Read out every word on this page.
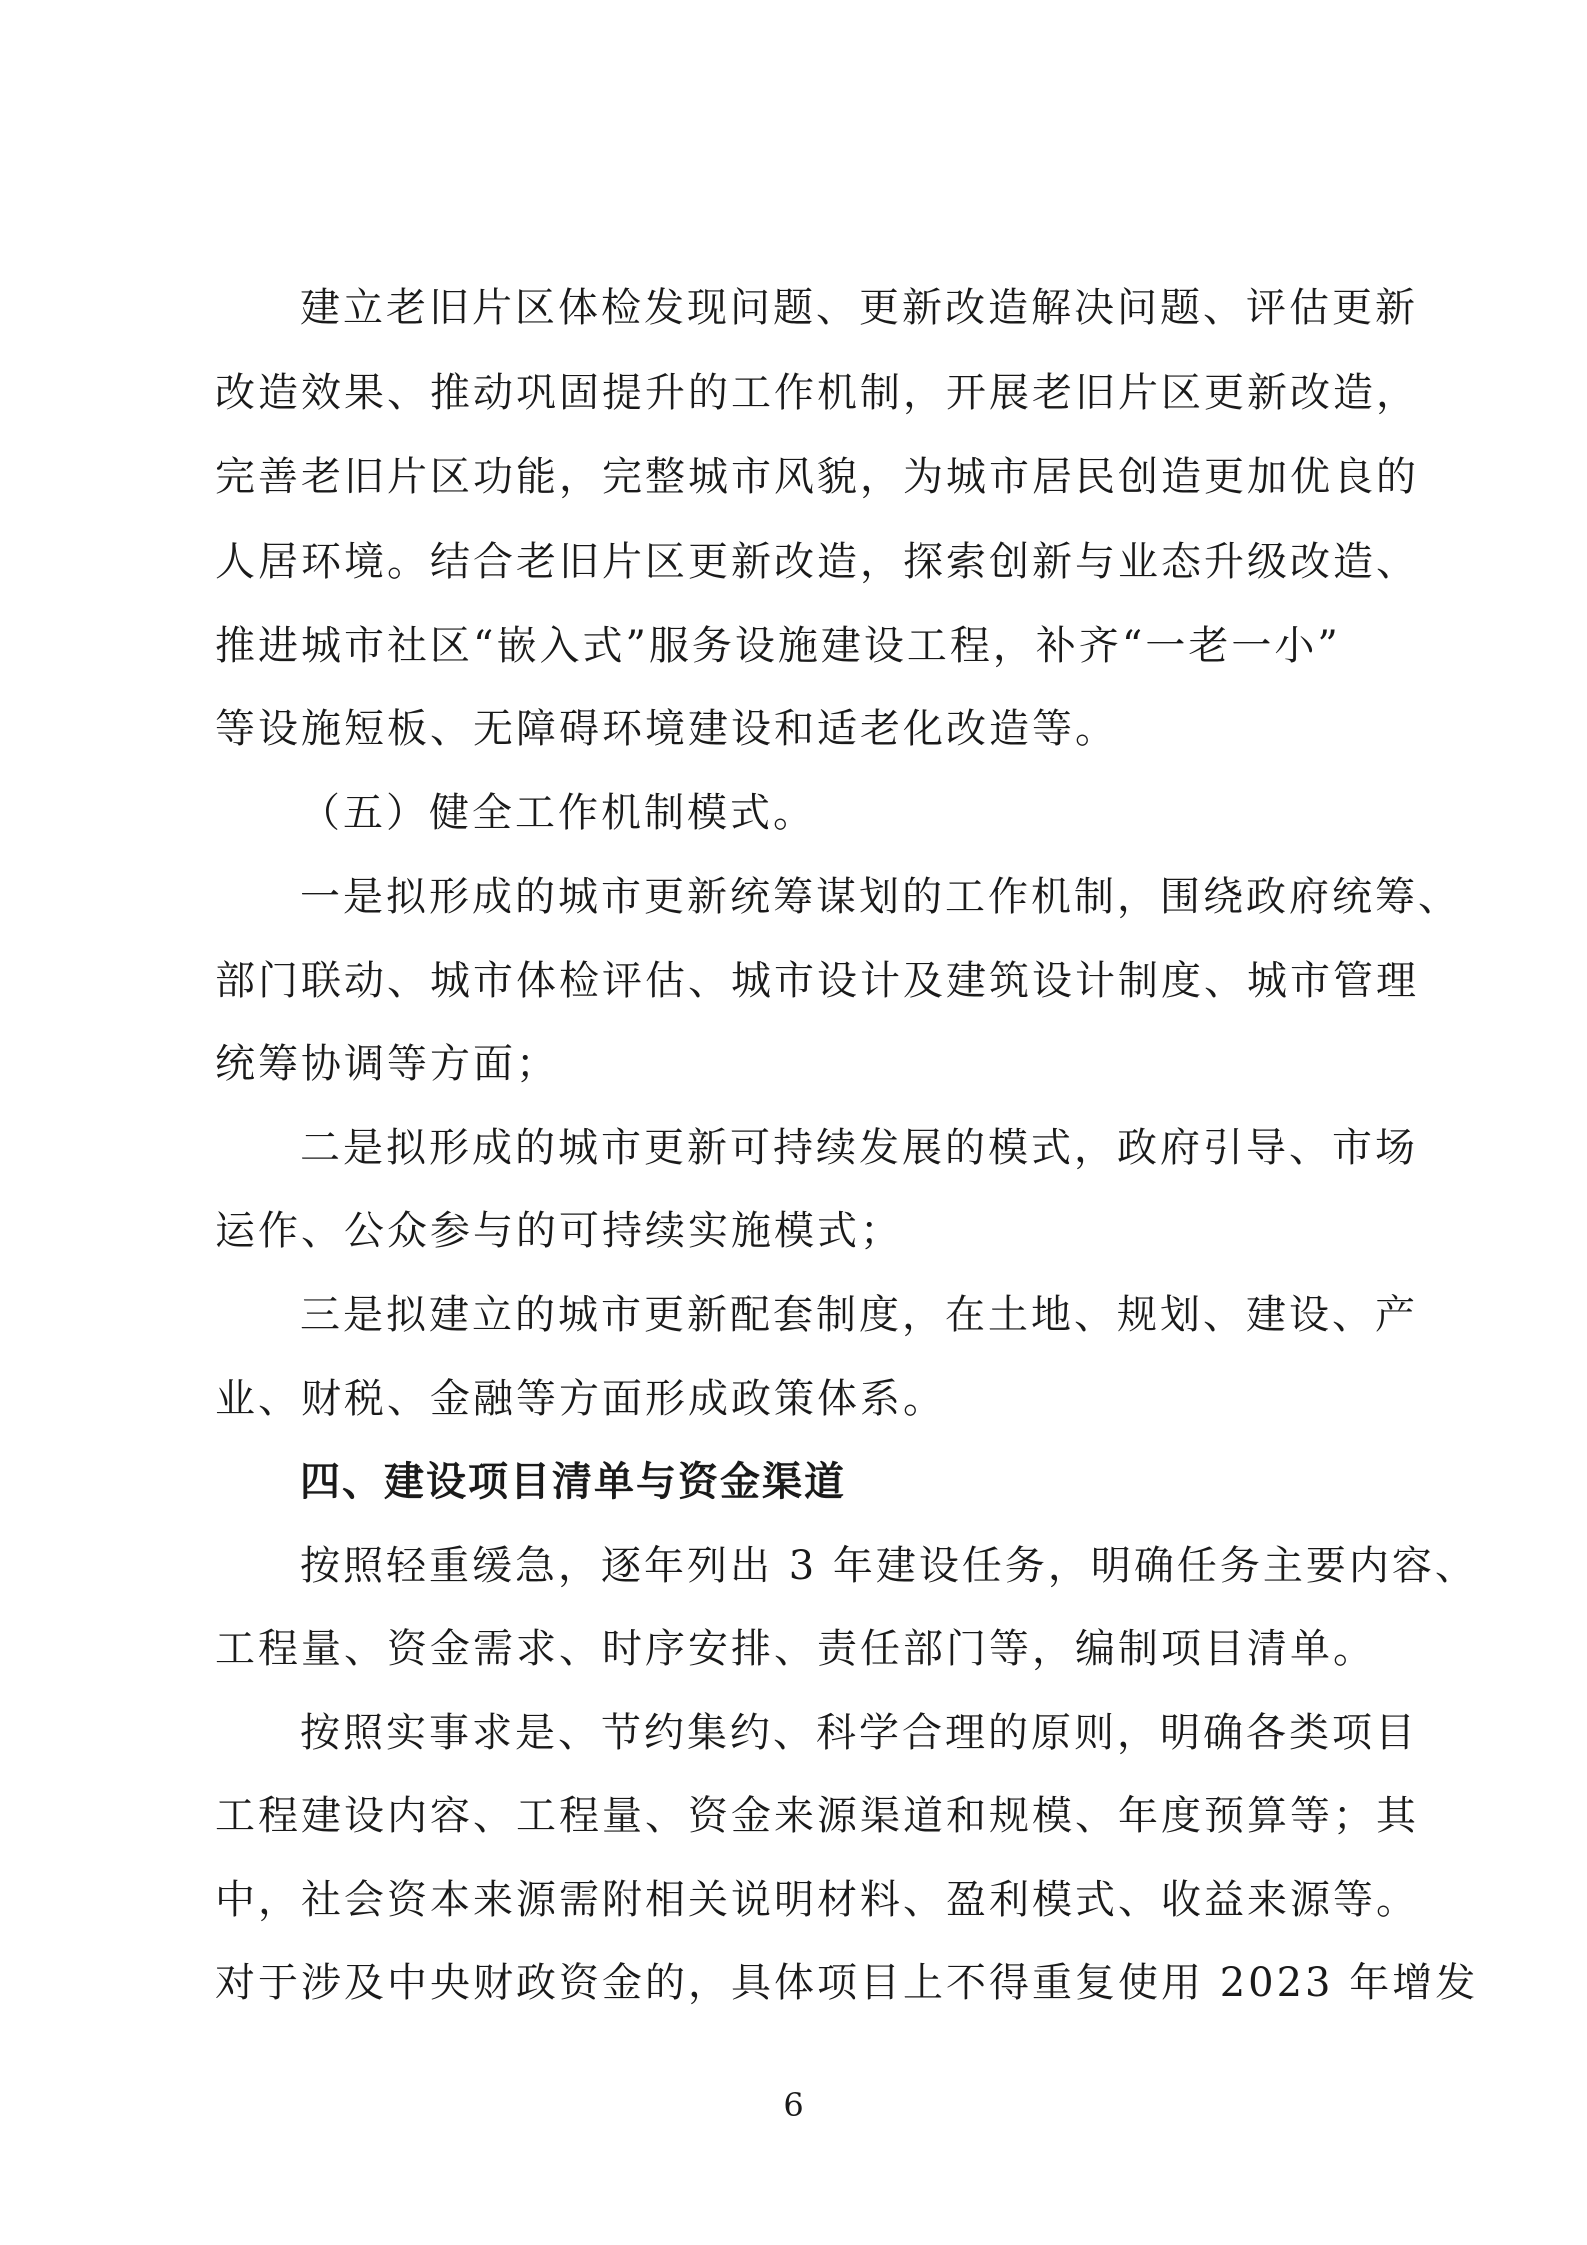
建立老旧片区体检发现问题、更新改造解决问题、评估更新
改造效果、推动巩固提升的工作机制，开展老旧片区更新改造，
完善老旧片区功能，完整城市风貌，为城市居民创造更加优良的
人居环境。结合老旧片区更新改造，探索创新与业态升级改造、
推进城市社区“嵌入式”服务设施建设工程，补齐“一老一小”
等设施短板、无障碍环境建设和适老化改造等。
（五）健全工作机制模式。
一是拟形成的城市更新统筹谋划的工作机制，围绕政府统筹、
部门联动、城市体检评估、城市设计及建筑设计制度、城市管理
统筹协调等方面；
二是拟形成的城市更新可持续发展的模式，政府引导、市场
运作、公众参与的可持续实施模式；
三是拟建立的城市更新配套制度，在土地、规划、建设、产
业、财税、金融等方面形成政策体系。
四、建设项目清单与资金渠道
按照轻重缓急，逐年列出 3 年建设任务，明确任务主要内容、
工程量、资金需求、时序安排、责任部门等，编制项目清单。
按照实事求是、节约集约、科学合理的原则，明确各类项目
工程建设内容、工程量、资金来源渠道和规模、年度预算等；其
中，社会资本来源需附相关说明材料、盈利模式、收益来源等。
对于涉及中央财政资金的，具体项目上不得重复使用 2023 年增发
6
